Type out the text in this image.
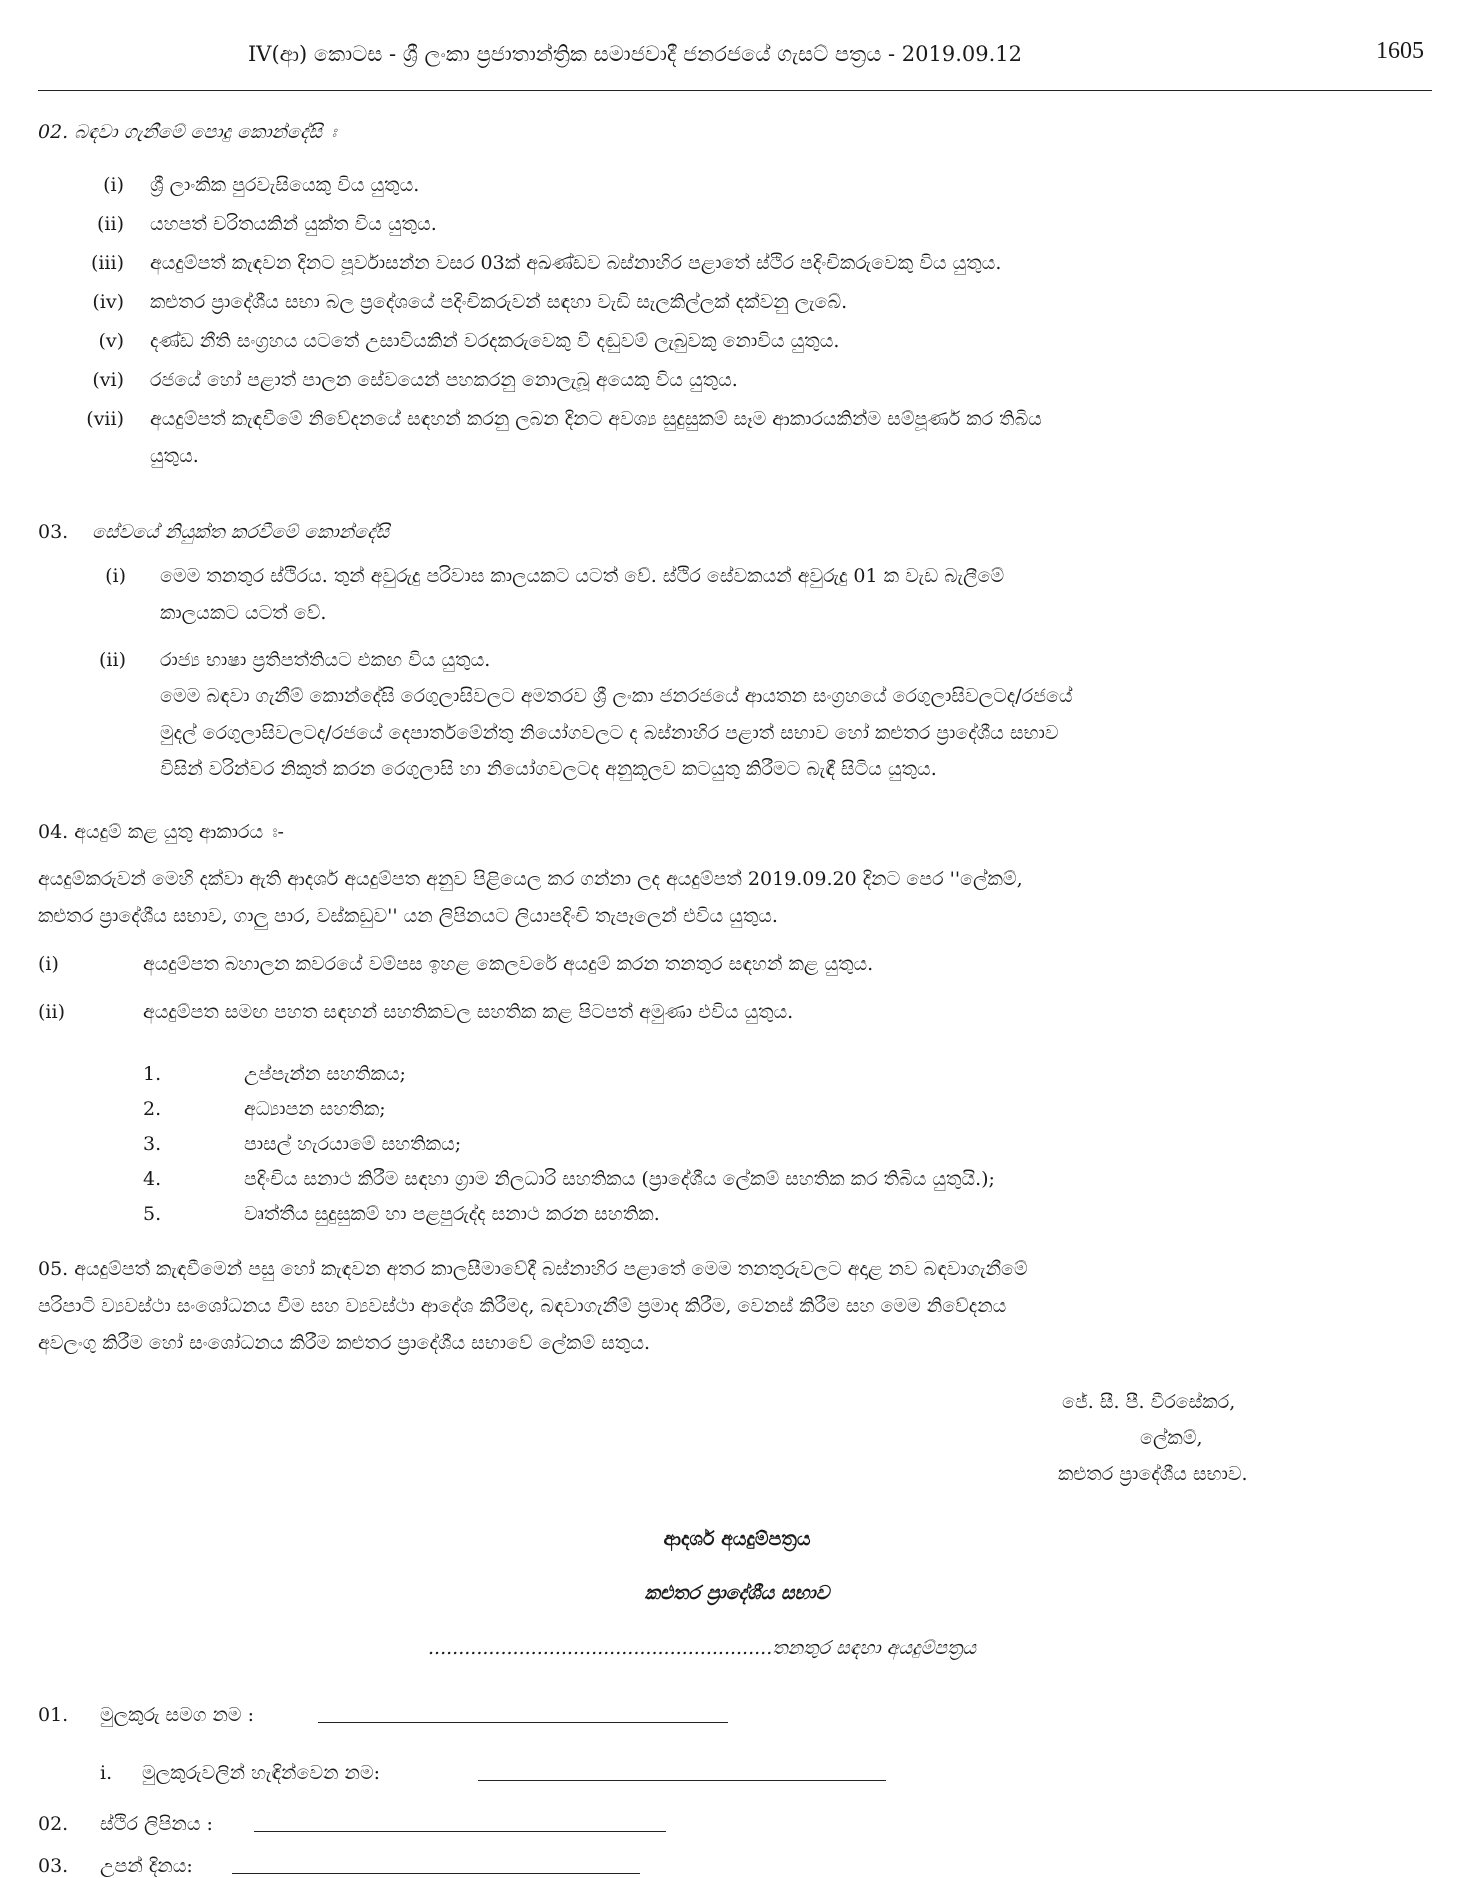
IV(ආ) කොටස - ශ්‍රී ලංකා ප්‍රජාතාන්ත්‍රික සමාජවාදී ජනරජයේ ගැසට් පත්‍රය - 2019.09.12	1605
02. බඳවා ගැනීමේ පොදු කොන්දේසි ඃ
(i) ශ්‍රී ලාංකික පුරවැසියෙකු විය යුතුය.
(ii) යහපත් චරිතයකින් යුක්ත විය යුතුය.
(iii) අයදුම්පත් කැඳවන දිනට පූර්වාසන්න වසර 03ක් අඛණ්ඩව බස්නාහිර පළාතේ ස්ථිර පදිංචිකරුවෙකු විය යුතුය.
(iv) කළුතර ප්‍රාදේශීය සභා බල ප්‍රදේශයේ පදිංචිකරුවන් සඳහා වැඩි සැලකිල්ලක් දක්වනු ලැබේ.
(v) දණ්ඩ නීති සංග්‍රහය යටතේ උසාවියකින් වරදකරුවෙකු වී දඬුවම් ලැබුවකු නොවිය යුතුය.
(vi) රජයේ හෝ පළාත් පාලන සේවයෙන් පහකරනු නොලැබූ අයෙකු විය යුතුය.
(vii) අයදුම්පත් කැඳවීමේ නිවේදනයේ සඳහන් කරනු ලබන දිනට අවශ්‍ය සුදුසුකම් සෑම ආකාරයකින්ම සම්පූර්ණ කර තිබිය
යුතුය.
03. සේවයේ නියුක්ත කරවීමේ කොන්දේසි
(i) මෙම තනතුර ස්ථිරය. තුන් අවුරුදු පරිවාස කාලයකට යටත් වේ. ස්ථිර සේවකයන් අවුරුදු 01 ක වැඩ බැලීමේ
කාලයකට යටත් වේ.
(ii) රාජ්‍ය භාෂා ප්‍රතිපත්තියට එකඟ විය යුතුය.
මෙම බඳවා ගැනීම් කොන්දේසි රෙගුලාසිවලට අමතරව ශ්‍රී ලංකා ජනරජයේ ආයතන සංග්‍රහයේ රෙගුලාසිවලටද/රජයේ
මුදල් රෙගුලාසිවලටද/රජයේ දෙපාර්තමේන්තු නියෝගවලට ද බස්නාහිර පළාත් සභාව හෝ කළුතර ප්‍රාදේශීය සභාව
විසින් වරින්වර නිකුත් කරන රෙගුලාසි හා නියෝගවලටද අනුකූලව කටයුතු කිරීමට බැඳී සිටිය යුතුය.
04. අයදුම් කළ යුතු ආකාරය ඃ-
අයදුම්කරුවන් මෙහි දක්වා ඇති ආදර්ශ අයදුම්පත අනුව පිළියෙල කර ගන්නා ලද අයදුම්පත් 2019.09.20 දිනට පෙර ''ලේකම්,
කළුතර ප්‍රාදේශීය සභාව, ගාලු පාර, වස්කඩුව'' යන ලිපිනයට ලියාපදිංචි තැපෑලෙන් එවිය යුතුය.
(i)	අයදුම්පත බහාලන කවරයේ වම්පස ඉහළ කෙලවරේ අයදුම් කරන තනතුර සඳහන් කළ යුතුය.
(ii)	අයදුම්පත සමඟ පහත සඳහන් සහතිකවල සහතික කළ පිටපත් අමුණා එවිය යුතුය.
1.	උප්පැන්න සහතිකය;
2.	අධ්‍යාපන සහතික;
3.	පාසල් හැරයාමේ සහතිකය;
4.	පදිංචිය සනාථ කිරීම සඳහා ග්‍රාම නිලධාරි සහතිකය (ප්‍රාදේශීය ලේකම් සහතික කර තිබිය යුතුයි.);
5.	වෘත්තීය සුදුසුකම් හා පළපුරුද්ද සනාථ කරන සහතික.
05. අයදුම්පත් කැඳවීමෙන් පසු හෝ කැඳවන අතර කාලසීමාවේදී බස්නාහිර පළාතේ මෙම තනතුරුවලට අදාළ නව බඳවාගැනීමේ
පරිපාටි ව්‍යවස්ථා සංශෝධනය වීම සහ ව්‍යවස්ථා ආදේශ කිරීමද, බඳවාගැනීම් ප්‍රමාද කිරීම, වෙනස් කිරීම සහ මෙම නිවේදනය
අවලංගු කිරීම හෝ සංශෝධනය කිරීම කළුතර ප්‍රාදේශීය සභාවේ ලේකම් සතුය.
ජේ. සී. පී. වීරසේකර,
ලේකම්,
කළුතර ප්‍රාදේශීය සභාව.
ආදර්ශ අයදුම්පත්‍රය
කළුතර ප්‍රාදේශීය සභාව
.........................................................තනතුර සඳහා අයදුම්පත්‍රය
01. මුලකුරු සමග නම :
i. මුලකුරුවලින් හැඳින්වෙන නම:
02. ස්ථිර ලිපිනය :
03. උපන් දිනය:
